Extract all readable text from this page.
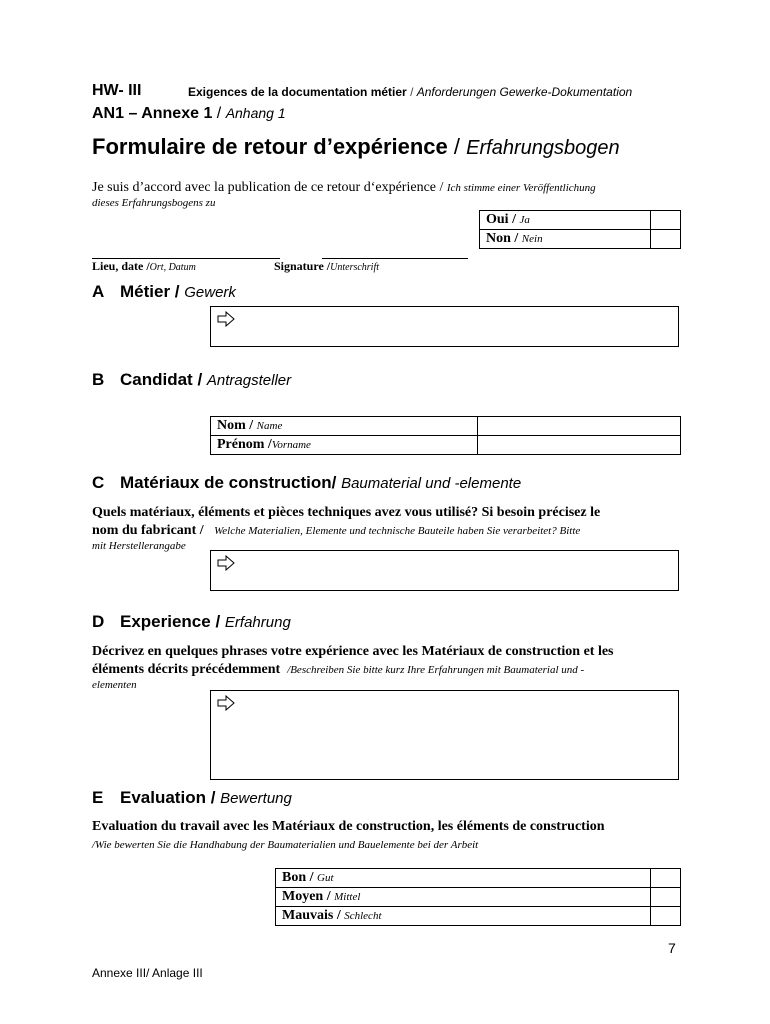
HW- III	Exigences de la documentation métier / Anforderungen Gewerke-Dokumentation
AN1 – Annexe 1 / Anhang 1
Formulaire de retour d’expérience / Erfahrungsbogen
Je suis d’accord avec la publication de ce retour d‘expérience / Ich stimme einer Veröffentlichung
dieses Erfahrungsbogens zu
Oui / Ja	
Non / Nein	
Lieu, date /Ort, Datum	Signature /Unterschrift
A Métier / Gewerk
B Candidat / Antragsteller
Nom / Name	
Prénom /Vorname	
C Matériaux de construction/ Baumaterial und -elemente
Quels matériaux, éléments et pièces techniques avez vous utilisé? Si besoin précisez le
nom du fabricant / Welche Materialien, Elemente und technische Bauteile haben Sie verarbeitet? Bitte
mit Herstellerangabe
D Experience / Erfahrung
Décrivez en quelques phrases votre expérience avec les Matériaux de construction et les
éléments décrits précédemment /Beschreiben Sie bitte kurz Ihre Erfahrungen mit Baumaterial und -
elementen
E Evaluation / Bewertung
Evaluation du travail avec les Matériaux de construction, les éléments de construction
/Wie bewerten Sie die Handhabung der Baumaterialien und Bauelemente bei der Arbeit
Bon / Gut	
Moyen / Mittel	
Mauvais / Schlecht	
7
Annexe III/ Anlage III
